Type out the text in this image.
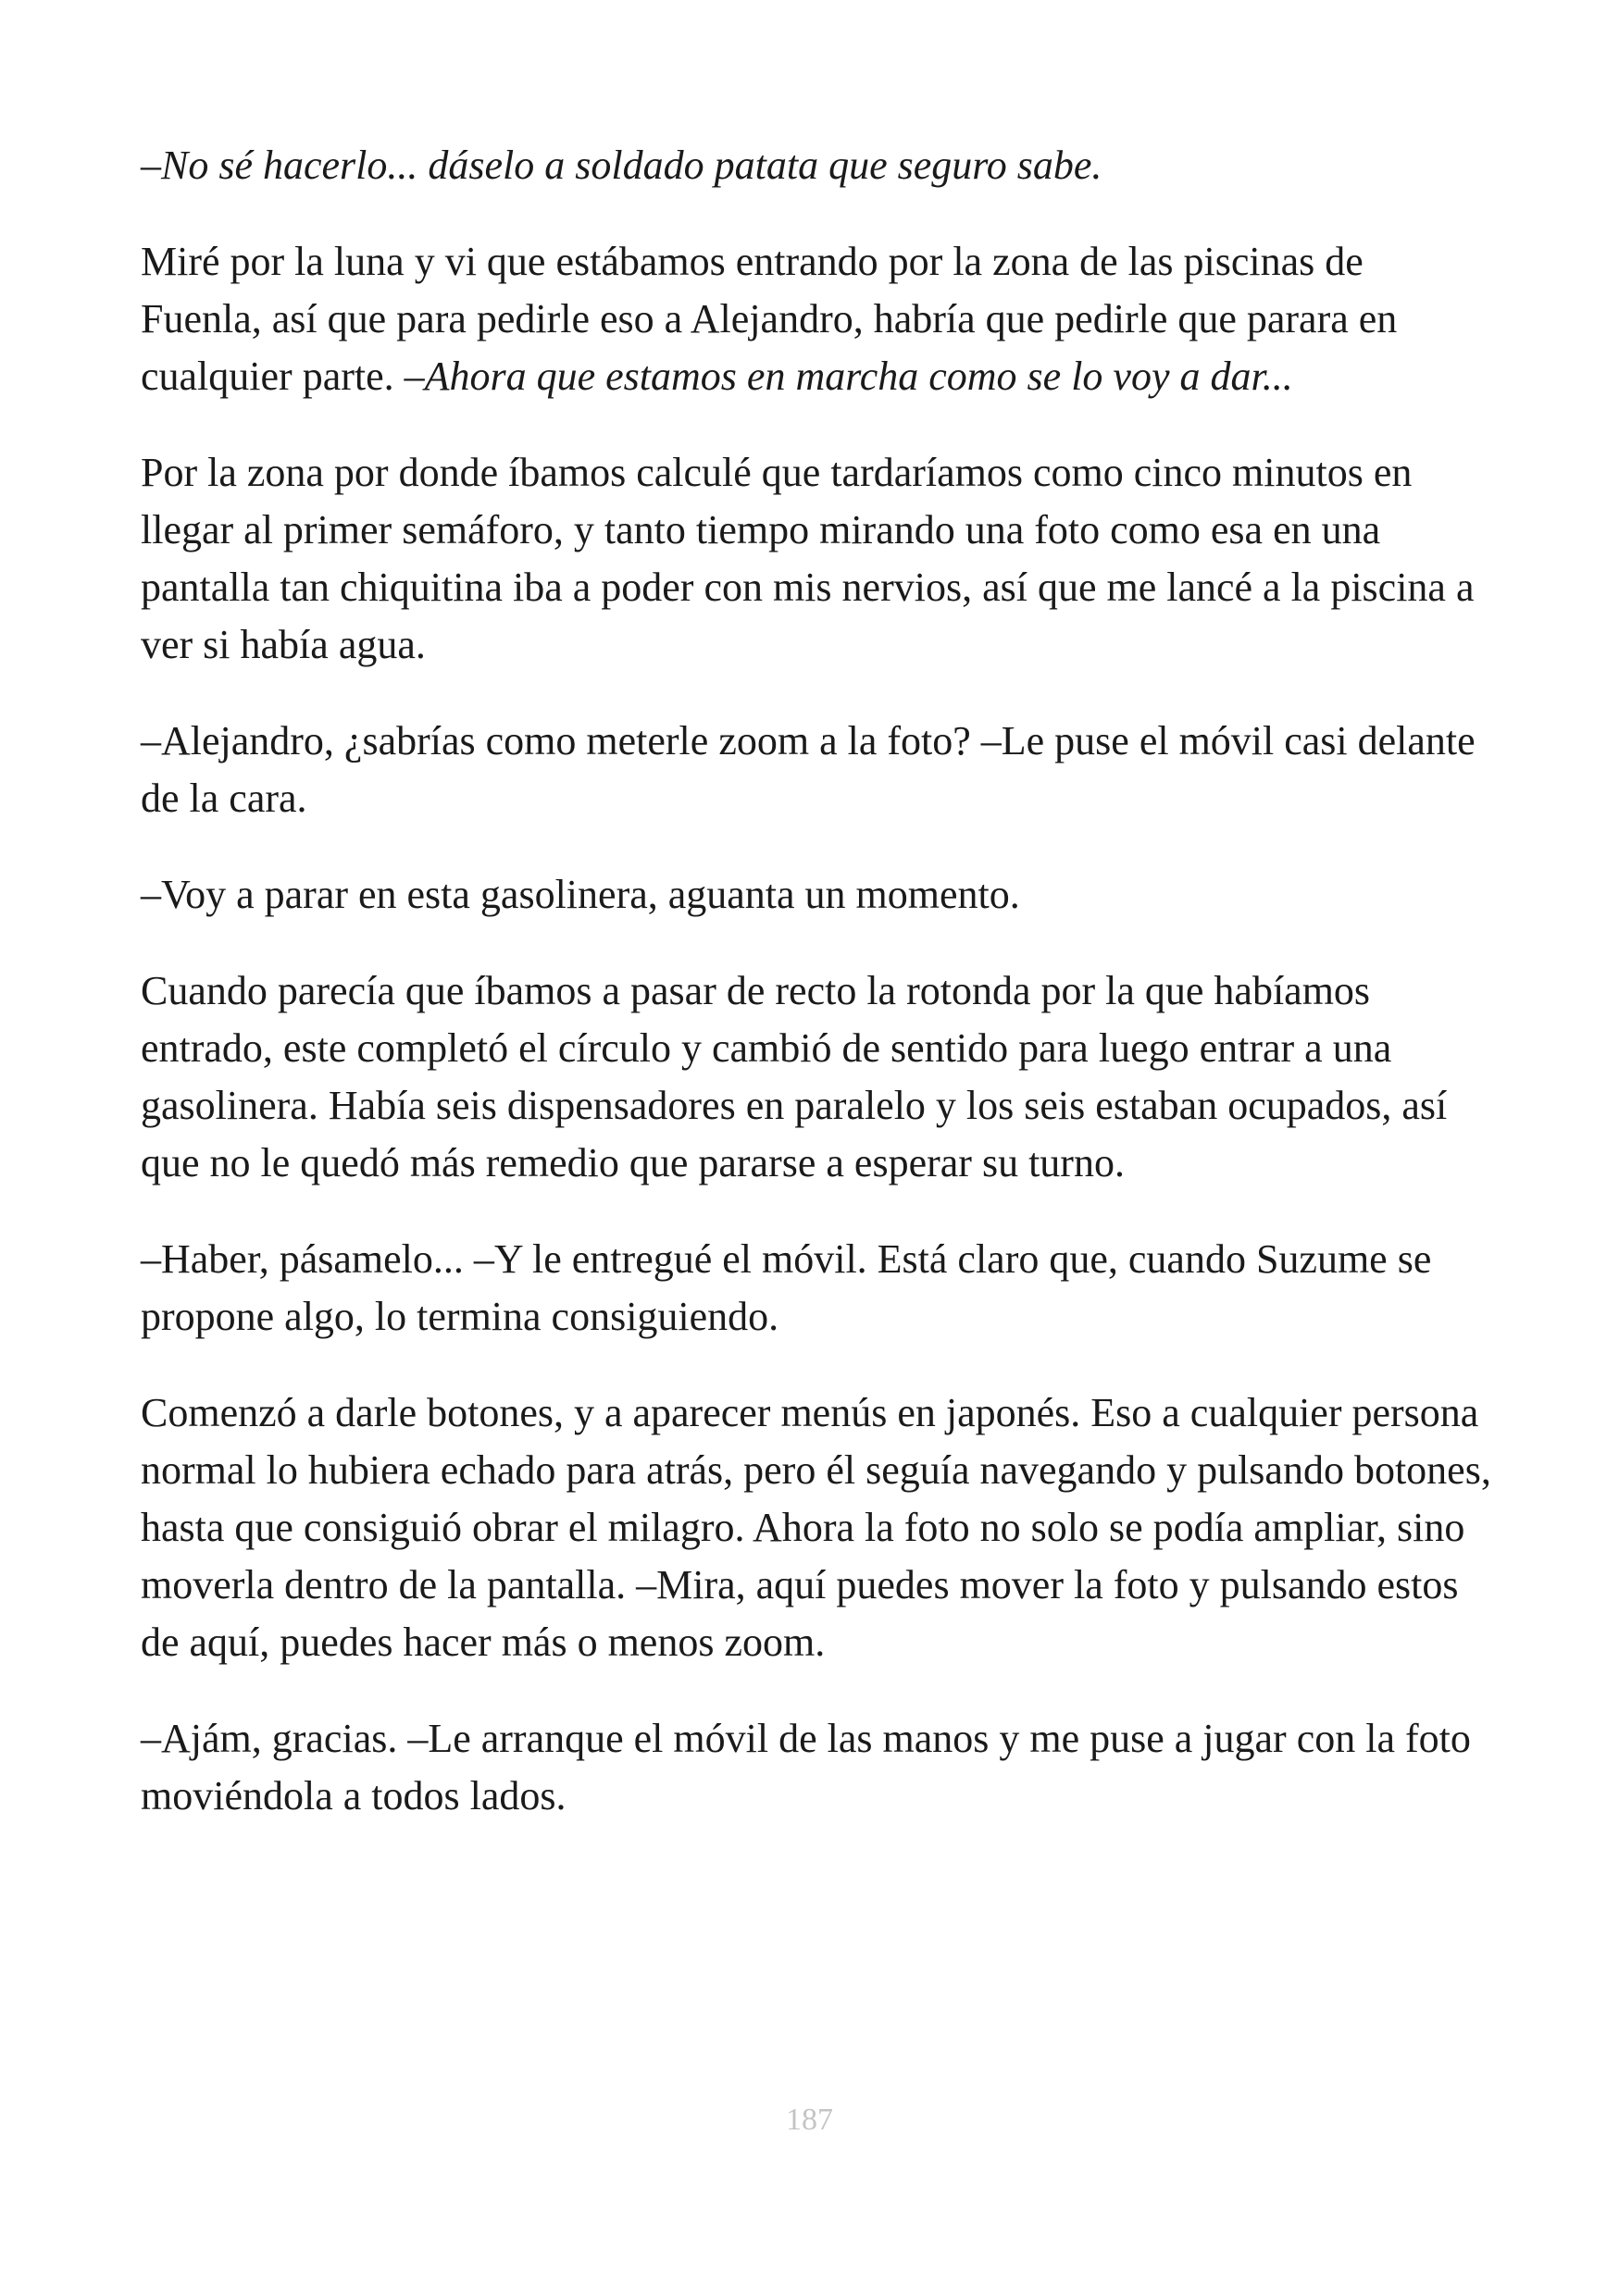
–No sé hacerlo... dáselo a soldado patata que seguro sabe.

Miré por la luna y vi que estábamos entrando por la zona de las piscinas de Fuenla, así que para pedirle eso a Alejandro, habría que pedirle que parara en cualquier parte. –Ahora que estamos en marcha como se lo voy a dar...

Por la zona por donde íbamos calculé que tardaríamos como cinco minutos en llegar al primer semáforo, y tanto tiempo mirando una foto como esa en una pantalla tan chiquitina iba a poder con mis nervios, así que me lancé a la piscina a ver si había agua.

–Alejandro, ¿sabrías como meterle zoom a la foto? –Le puse el móvil casi delante de la cara.

–Voy a parar en esta gasolinera, aguanta un momento.

Cuando parecía que íbamos a pasar de recto la rotonda por la que habíamos entrado, este completó el círculo y cambió de sentido para luego entrar a una gasolinera. Había seis dispensadores en paralelo y los seis estaban ocupados, así que no le quedó más remedio que pararse a esperar su turno.

–Haber, pásamelo... –Y le entregué el móvil. Está claro que, cuando Suzume se propone algo, lo termina consiguiendo.

Comenzó a darle botones, y a aparecer menús en japonés. Eso a cualquier persona normal lo hubiera echado para atrás, pero él seguía navegando y pulsando botones, hasta que consiguió obrar el milagro. Ahora la foto no solo se podía ampliar, sino moverla dentro de la pantalla. –Mira, aquí puedes mover la foto y pulsando estos de aquí, puedes hacer más o menos zoom.

–Ajám, gracias. –Le arranque el móvil de las manos y me puse a jugar con la foto moviéndola a todos lados.

187
